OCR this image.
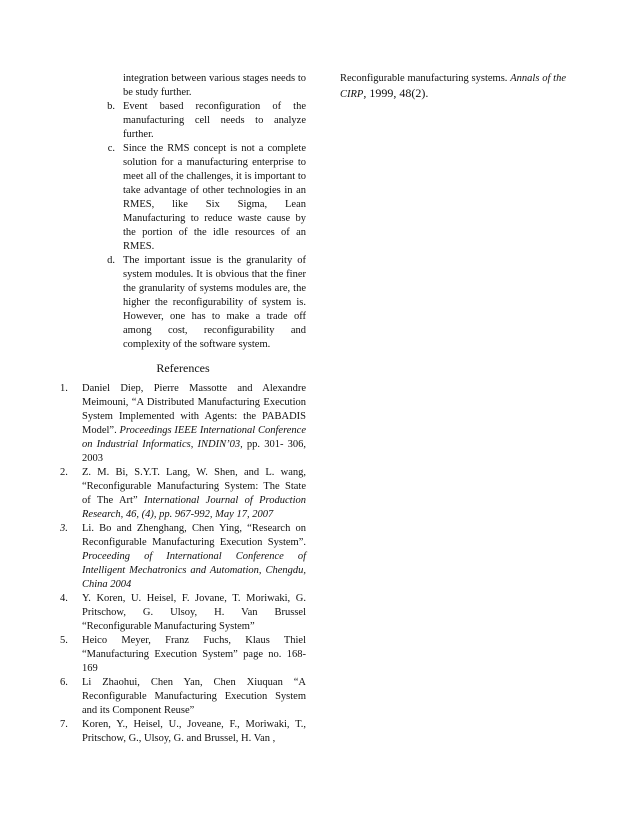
integration between various stages needs to be study further.

b. Event based reconfiguration of the manufacturing cell needs to analyze further.
c. Since the RMS concept is not a complete solution for a manufacturing enterprise to meet all of the challenges, it is important to take advantage of other technologies in an RMES, like Six Sigma, Lean Manufacturing to reduce waste cause by the portion of the idle resources of an RMES.
d. The important issue is the granularity of system modules. It is obvious that the finer the granularity of systems modules are, the higher the reconfigurability of system is. However, one has to make a trade off among cost, reconfigurability and complexity of the software system.
References
1.	Daniel Diep, Pierre Massotte and Alexandre Meimouni, “A Distributed Manufacturing Execution System Implemented with Agents: the PABADIS Model”. Proceedings IEEE International Conference on Industrial Informatics, INDIN’03, pp. 301- 306, 2003
2.	Z. M. Bi, S.Y.T. Lang, W. Shen, and L. wang, “Reconfigurable Manufacturing System: The State of The Art” International Journal of Production Research, 46, (4), pp. 967-992, May 17, 2007
3.	Li. Bo and Zhenghang, Chen Ying, “Research on Reconfigurable Manufacturing Execution System”. Proceeding of International Conference of Intelligent Mechatronics and Automation, Chengdu, China 2004
4.	Y. Koren, U. Heisel, F. Jovane, T. Moriwaki, G. Pritschow, G. Ulsoy, H. Van Brussel “Reconfigurable Manufacturing System”
5.	Heico Meyer, Franz Fuchs, Klaus Thiel “Manufacturing Execution System” page no. 168-169
6.	Li Zhaohui, Chen Yan, Chen Xiuquan “A Reconfigurable Manufacturing Execution System and its Component Reuse”
7.	Koren, Y., Heisel, U., Joveane, F., Moriwaki, T., Pritschow, G., Ulsoy, G. and Brussel, H. Van ,

Reconfigurable manufacturing systems. Annals of the CIRP, 1999, 48(2).
